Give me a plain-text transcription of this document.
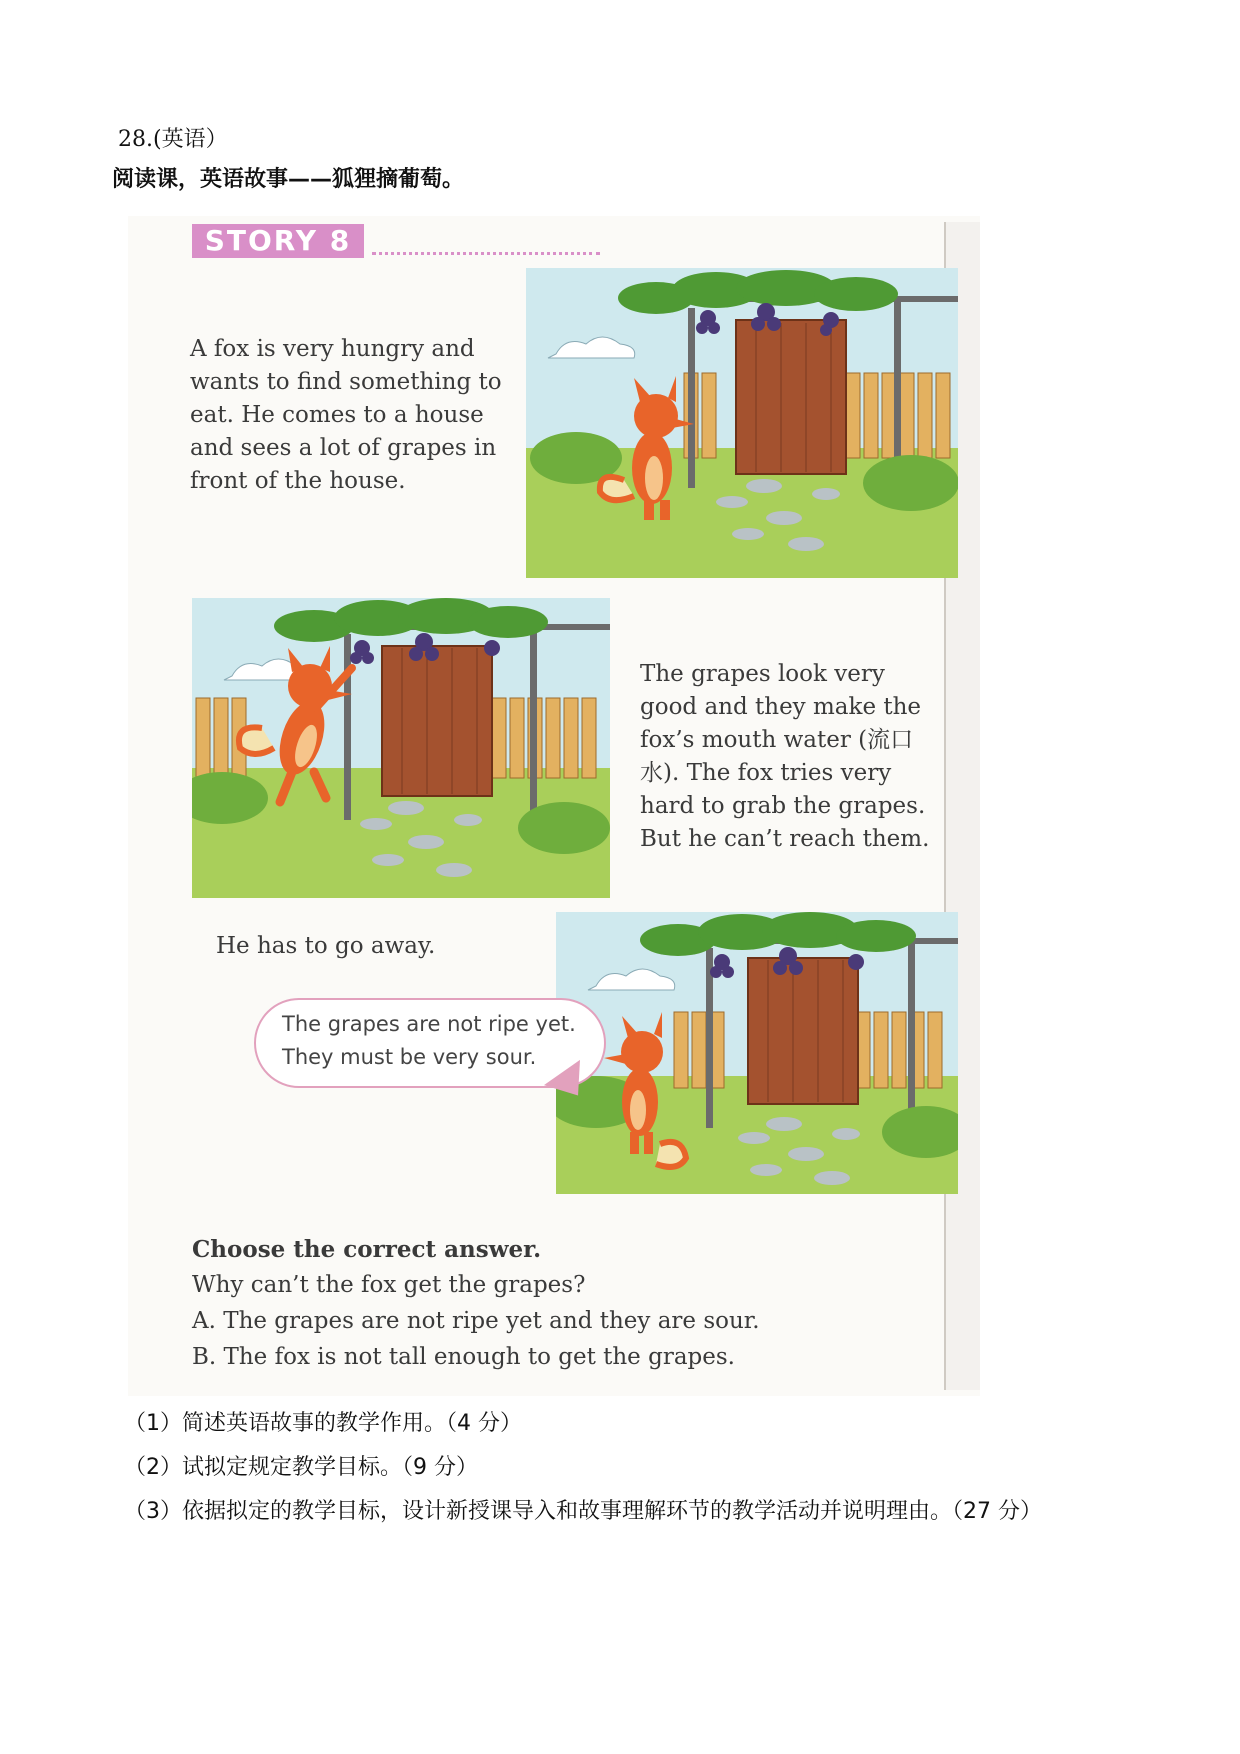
28.(英语）
阅读课，英语故事——狐狸摘葡萄。
STORY 8
A fox is very hungry and
wants to find something to
eat. He comes to a house
and sees a lot of grapes in
front of the house.
The grapes look very
good and they make the
fox’s mouth water (流口
水). The fox tries very
hard to grab the grapes.
But he can’t reach them.
He has to go away.
The grapes are not ripe yet.
They must be very sour.
Choose the correct answer.
Why can’t the fox get the grapes?
A. The grapes are not ripe yet and they are sour.
B. The fox is not tall enough to get the grapes.
（1）简述英语故事的教学作用。（4 分）
（2）试拟定规定教学目标。（9 分）
（3）依据拟定的教学目标，设计新授课导入和故事理解环节的教学活动并说明理由。（27 分）
